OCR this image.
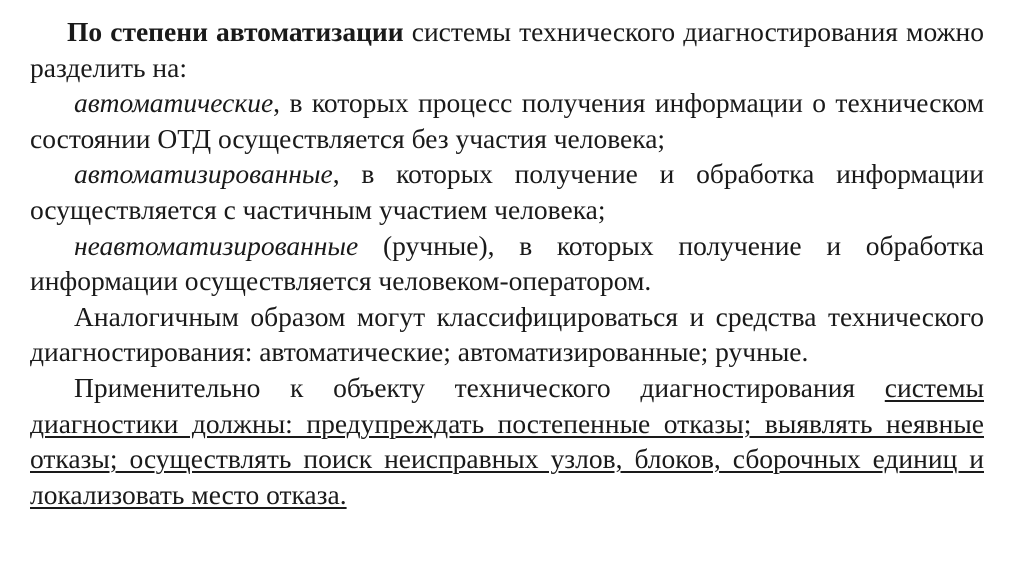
По степени автоматизации системы технического диагностирования можно разделить на:

автоматические, в которых процесс получения информации о техническом состоянии ОТД осуществляется без участия человека;

автоматизированные, в которых получение и обработка информации осуществляется с частичным участием человека;

неавтоматизированные (ручные), в которых получение и обработка информации осуществляется человеком-оператором.

Аналогичным образом могут классифицироваться и средства технического диагностирования: автоматические; автоматизированные; ручные.

Применительно к объекту технического диагностирования системы диагностики должны: предупреждать постепенные отказы; выявлять неявные отказы; осуществлять поиск неисправных узлов, блоков, сборочных единиц и локализовать место отказа.
